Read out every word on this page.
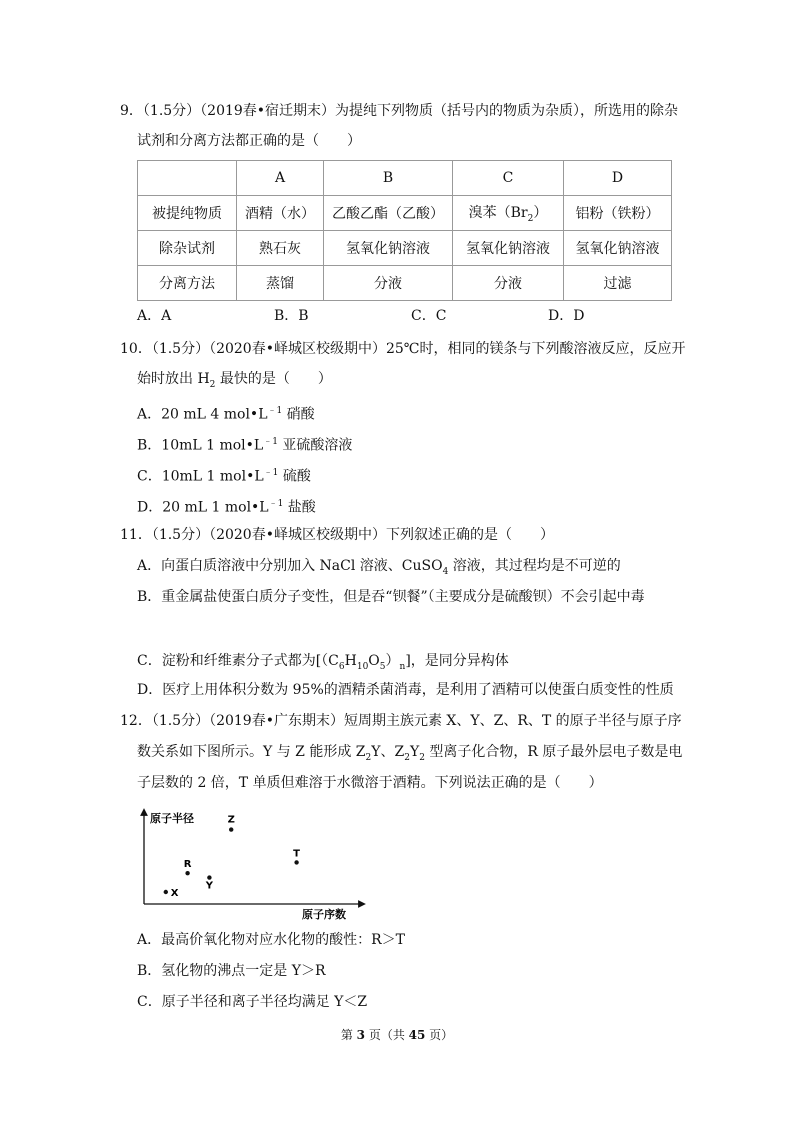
9．（1.5分）（2019春•宿迁期末）为提纯下列物质（括号内的物质为杂质），所选用的除杂
试剂和分离方法都正确的是（　　）
	A	B	C	D
被提纯物质	酒精（水）	乙酸乙酯（乙酸）	溴苯$(Br_2)$	铝粉（铁粉）
除杂试剂	熟石灰	氢氧化钠溶液	氢氧化钠溶液	氢氧化钠溶液
分离方法	蒸馏	分液	分液	过滤
A．A	B．B	C．C	D．D
10．（1.5分）（2020春•峄城区校级期中）25℃时，相同的镁条与下列酸溶液反应，反应开
始时放出 $H_2$ 最快的是（　　）
A．20 mL 4 $mol•L^{﹣1}$ 硝酸
B．10mL 1 $mol•L^{﹣1}$ 亚硫酸溶液
C．10mL 1 $mol•L^{﹣1}$ 硫酸
D．20 mL 1 $mol•L^{﹣1}$ 盐酸
11．（1.5分）（2020春•峄城区校级期中）下列叙述正确的是（　　）
A．向蛋白质溶液中分别加入 NaCl 溶液、CuSO$_4$ 溶液，其过程均是不可逆的
B．重金属盐使蛋白质分子变性，但是吞“钡餐”（主要成分是硫酸钡）不会引起中毒
C．淀粉和纤维素分子式都为$[(C_6H_{10}O_5)_n]$，是同分异构体
D．医疗上用体积分数为 95%的酒精杀菌消毒，是利用了酒精可以使蛋白质变性的性质
12．（1.5分）（2019春•广东期末）短周期主族元素 X、Y、Z、R、T 的原子半径与原子序
数关系如下图所示。Y 与 Z 能形成 $Z_2Y$、$Z_2Y_2$ 型离子化合物，R 原子最外层电子数是电
子层数的 2 倍，T 单质但难溶于水微溶于酒精。下列说法正确的是（　　）
原子半径
原子序数
X
R
Y
Z
T
A．最高价氧化物对应水化物的酸性：R＞T
B．氢化物的沸点一定是 Y＞R
C．原子半径和离子半径均满足 Y＜Z
第 3 页（共 45 页）
